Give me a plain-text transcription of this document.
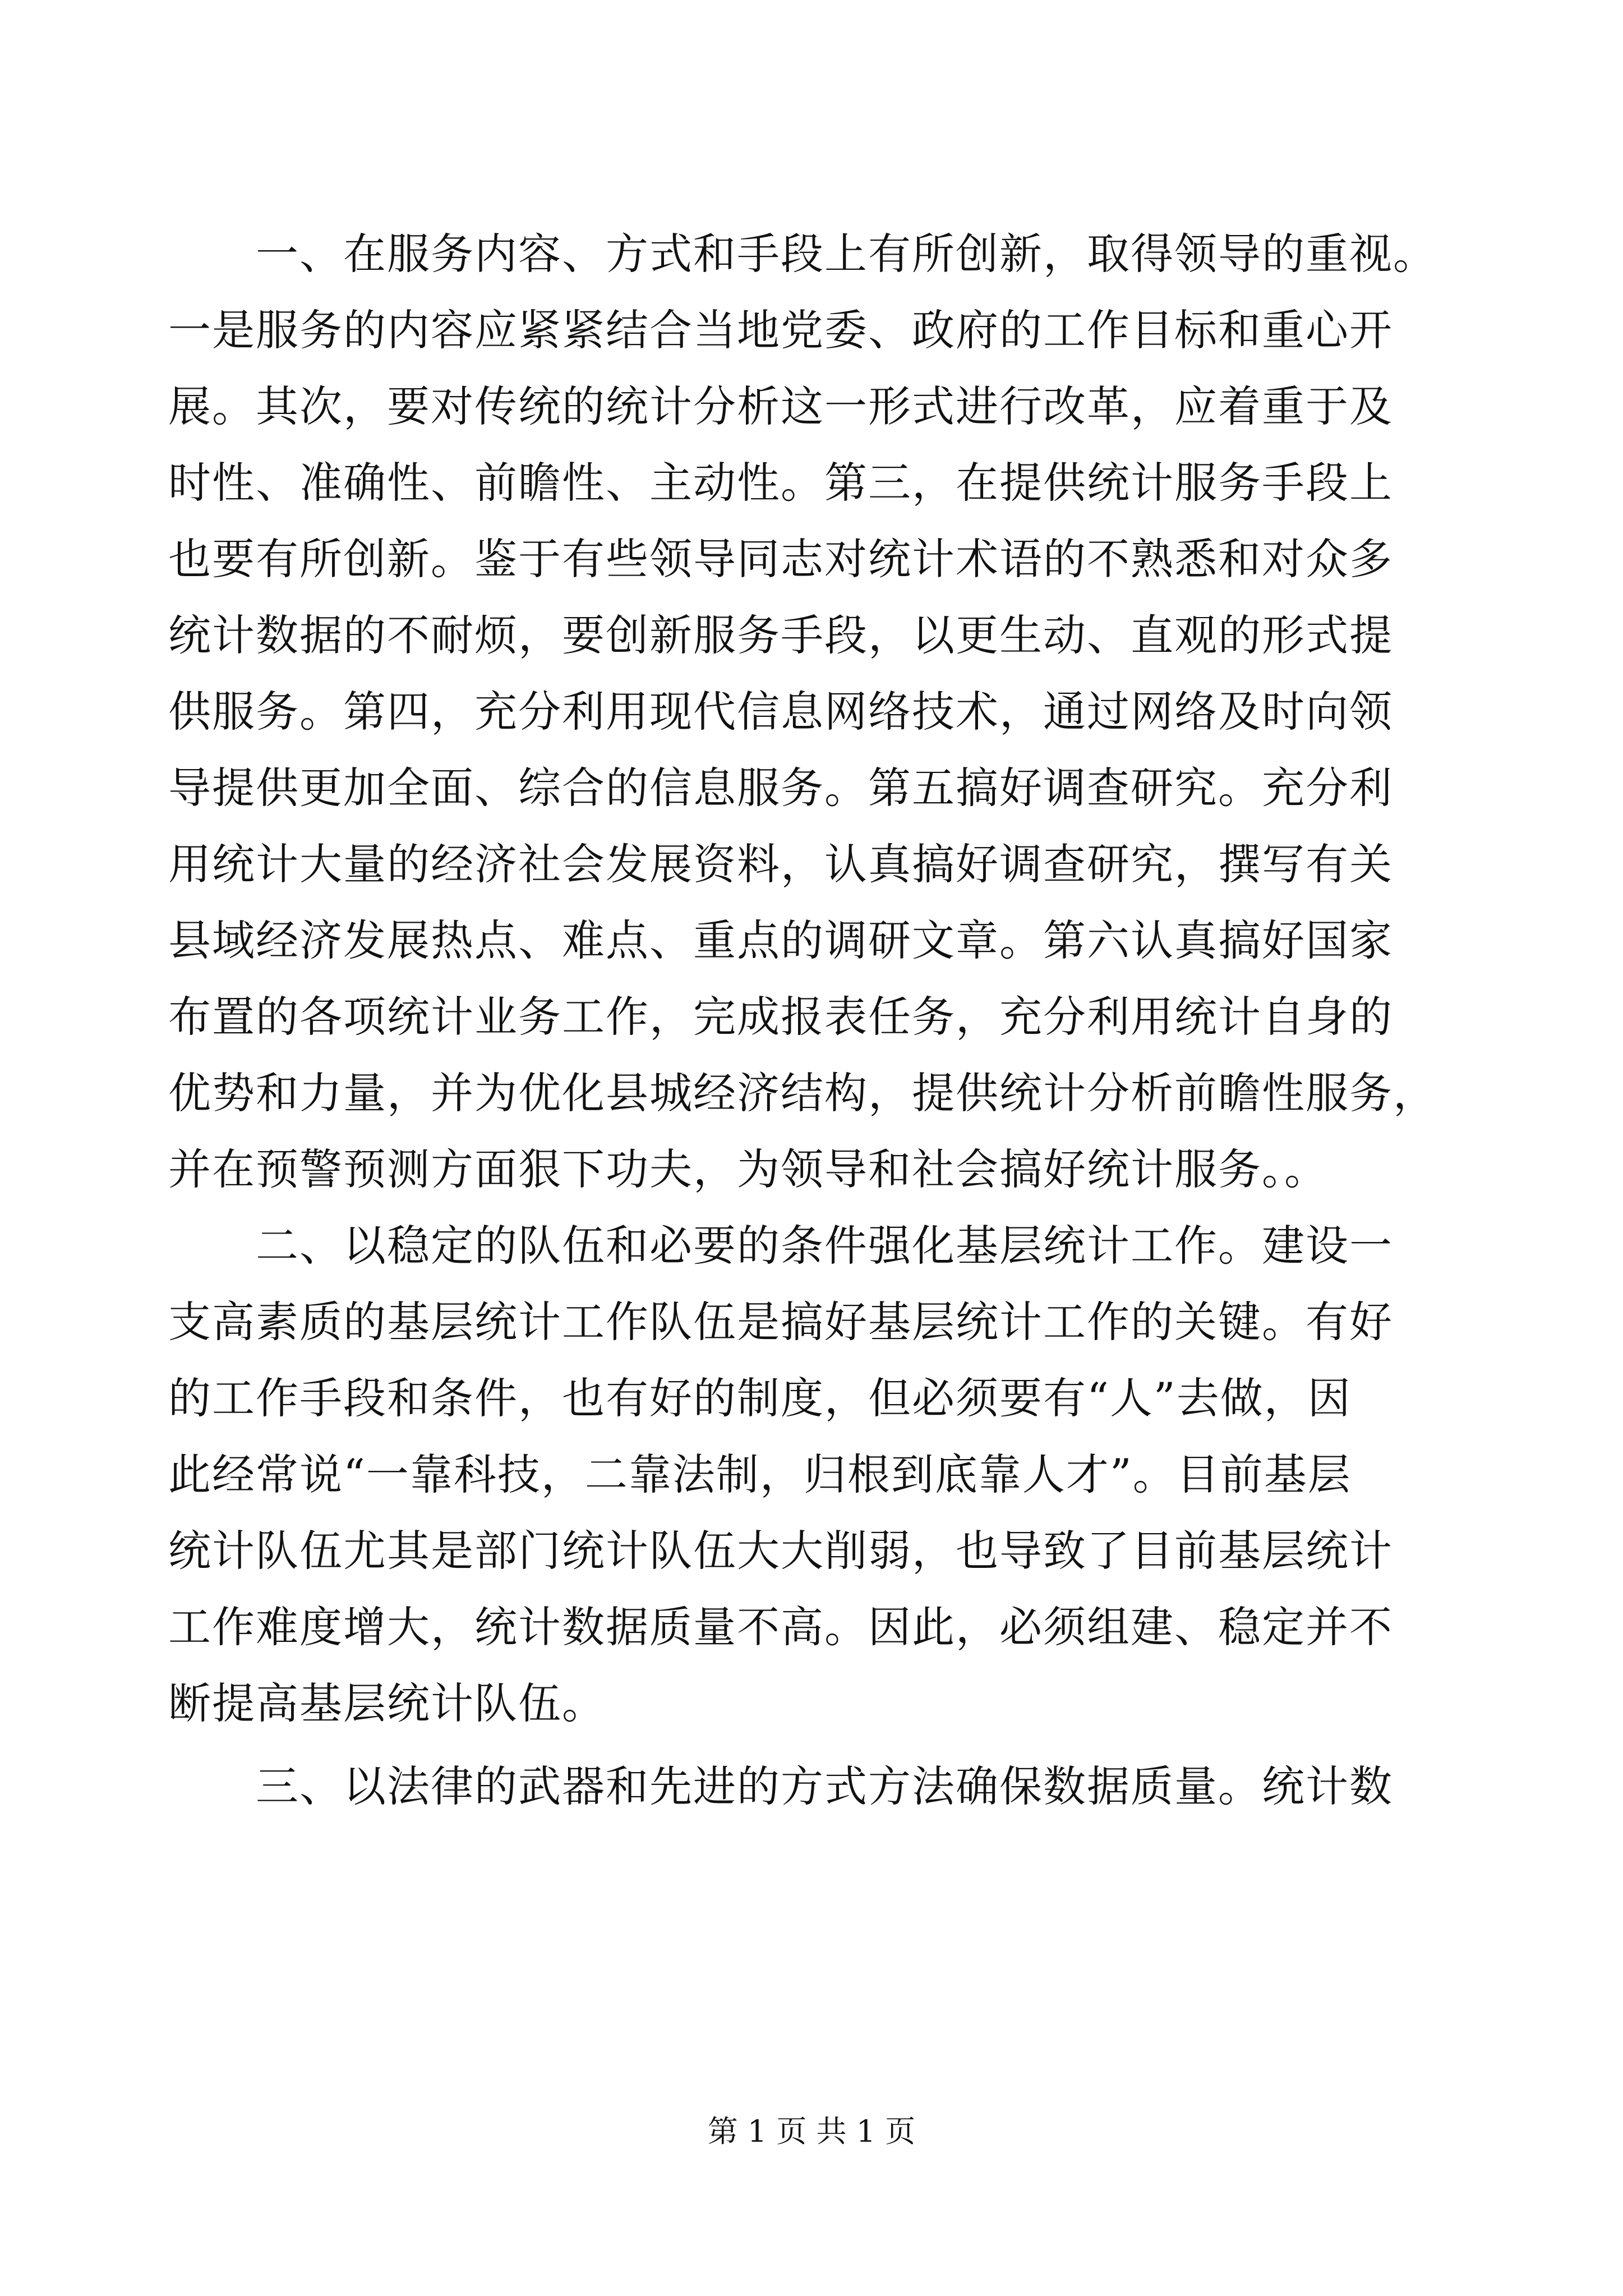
　　一、在服务内容、方式和手段上有所创新，取得领导的重视。
一是服务的内容应紧紧结合当地党委、政府的工作目标和重心开
展。其次，要对传统的统计分析这一形式进行改革，应着重于及
时性、准确性、前瞻性、主动性。第三，在提供统计服务手段上
也要有所创新。鉴于有些领导同志对统计术语的不熟悉和对众多
统计数据的不耐烦，要创新服务手段，以更生动、直观的形式提
供服务。第四，充分利用现代信息网络技术，通过网络及时向领
导提供更加全面、综合的信息服务。第五搞好调查研究。充分利
用统计大量的经济社会发展资料，认真搞好调查研究，撰写有关
县域经济发展热点、难点、重点的调研文章。第六认真搞好国家
布置的各项统计业务工作，完成报表任务，充分利用统计自身的
优势和力量，并为优化县城经济结构，提供统计分析前瞻性服务，
并在预警预测方面狠下功夫，为领导和社会搞好统计服务。。
　　二、以稳定的队伍和必要的条件强化基层统计工作。建设一
支高素质的基层统计工作队伍是搞好基层统计工作的关键。有好
的工作手段和条件，也有好的制度，但必须要有“人”去做，因
此经常说“一靠科技，二靠法制，归根到底靠人才”。目前基层
统计队伍尤其是部门统计队伍大大削弱，也导致了目前基层统计
工作难度增大，统计数据质量不高。因此，必须组建、稳定并不
断提高基层统计队伍。
　　三、以法律的武器和先进的方式方法确保数据质量。统计数
第 1 页 共 1 页
